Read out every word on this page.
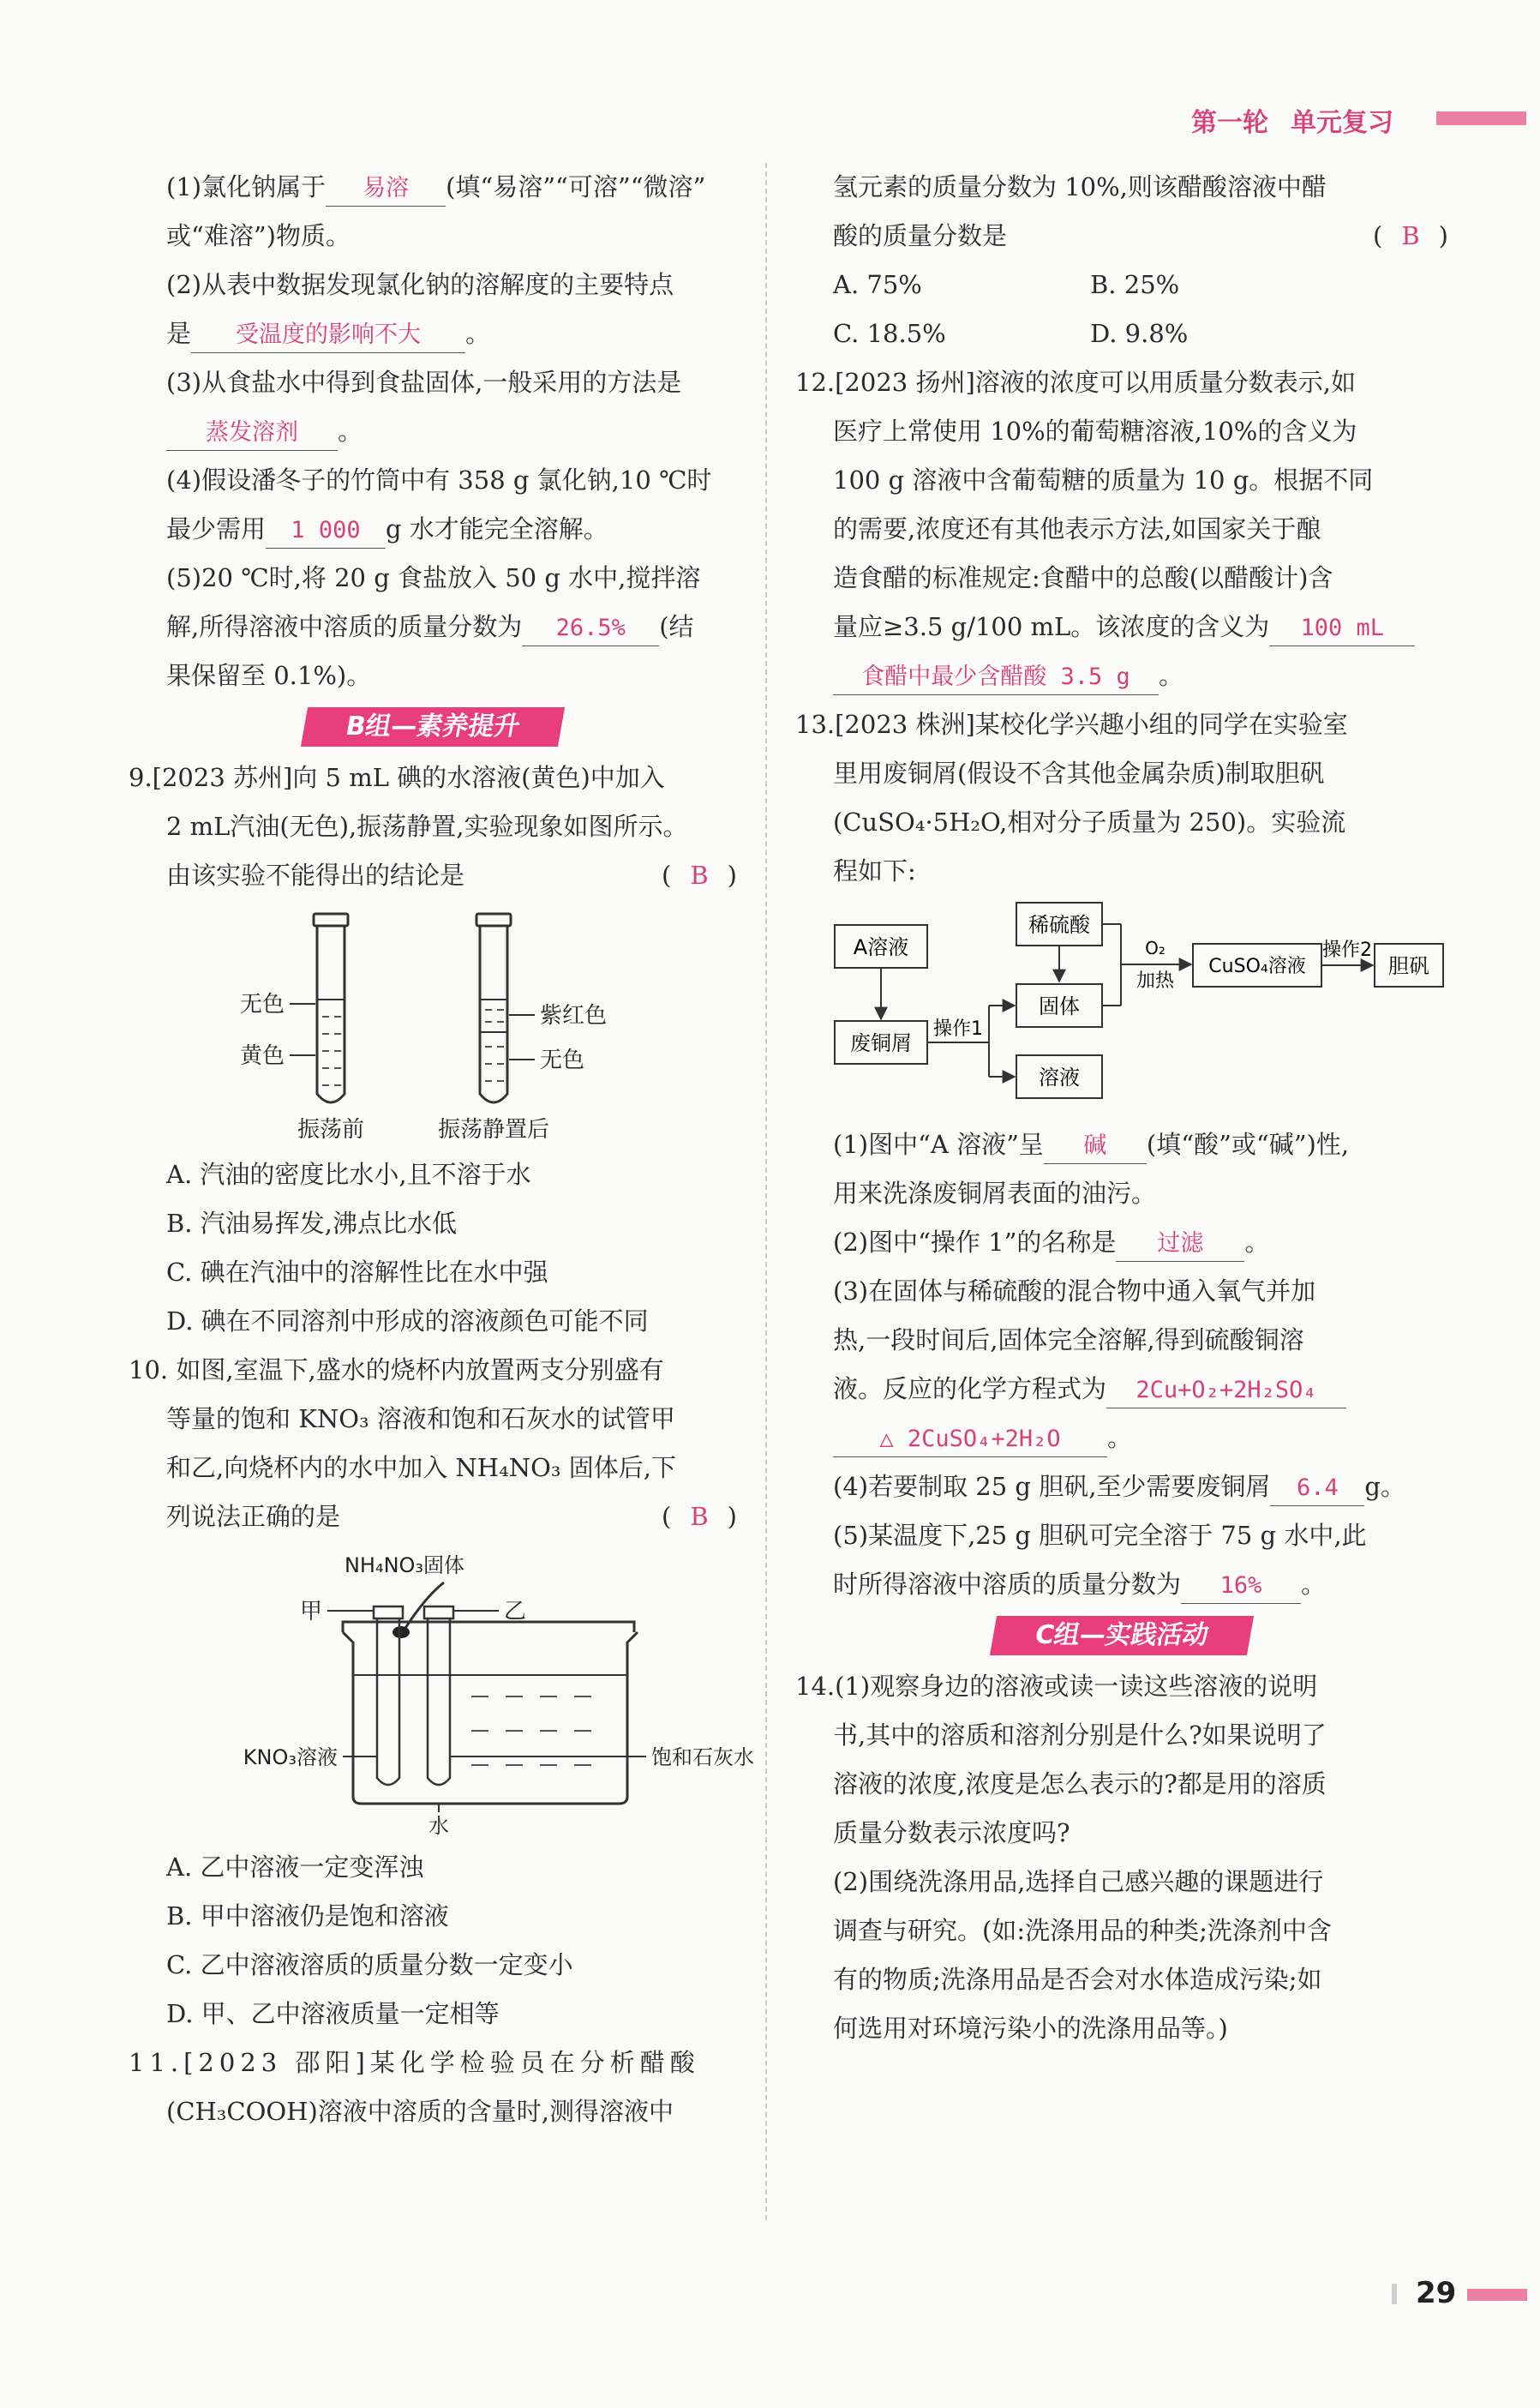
第一轮 单元复习

(1)氯化钠属于 易溶 (填“易溶”“可溶”“微溶”

或“难溶”)物质。

(2)从表中数据发现氯化钠的溶解度的主要特点

是 受温度的影响不大 。

(3)从食盐水中得到食盐固体,一般采用的方法是

蒸发溶剂 。

(4)假设潘冬子的竹筒中有 358 g 氯化钠,10 ℃时

最少需用 1 000 g 水才能完全溶解。

(5)20 ℃时,将 20 g 食盐放入 50 g 水中,搅拌溶

解,所得溶液中溶质的质量分数为 26.5% (结

果保留至 0.1%)。

B组—素养提升

9.[2023 苏州]向 5 mL 碘的水溶液(黄色)中加入

2 mL汽油(无色),振荡静置,实验现象如图所示。

由该实验不能得出的结论是	( B )

无色
黄色
振荡前
紫红色
无色
振荡静置后

A. 汽油的密度比水小,且不溶于水

B. 汽油易挥发,沸点比水低

C. 碘在汽油中的溶解性比在水中强

D. 碘在不同溶剂中形成的溶液颜色可能不同

10. 如图,室温下,盛水的烧杯内放置两支分别盛有

等量的饱和 KNO₃ 溶液和饱和石灰水的试管甲

和乙,向烧杯内的水中加入 NH₄NO₃ 固体后,下

列说法正确的是	( B )

NH₄NO₃固体
甲	乙
KNO₃溶液	饱和石灰水
水

A. 乙中溶液一定变浑浊

B. 甲中溶液仍是饱和溶液

C. 乙中溶液溶质的质量分数一定变小

D. 甲、乙中溶液质量一定相等

11.[2023 邵阳]某化学检验员在分析醋酸

(CH₃COOH)溶液中溶质的含量时,测得溶液中

氢元素的质量分数为 10%,则该醋酸溶液中醋

酸的质量分数是	( B )

A. 75%	B. 25%
C. 18.5%	D. 9.8%

12.[2023 扬州]溶液的浓度可以用质量分数表示,如

医疗上常使用 10%的葡萄糖溶液,10%的含义为

100 g 溶液中含葡萄糖的质量为 10 g。根据不同

的需要,浓度还有其他表示方法,如国家关于酿

造食醋的标准规定:食醋中的总酸(以醋酸计)含

量应≥3.5 g/100 mL。该浓度的含义为 100 mL

食醋中最少含醋酸 3.5 g 。

13.[2023 株洲]某校化学兴趣小组的同学在实验室

里用废铜屑(假设不含其他金属杂质)制取胆矾

(CuSO₄·5H₂O,相对分子质量为 250)。实验流

程如下:

A溶液
废铜屑
操作1
稀硫酸
固体
溶液
O₂
加热
CuSO₄溶液
操作2
胆矾

(1)图中“A 溶液”呈 碱 (填“酸”或“碱”)性,

用来洗涤废铜屑表面的油污。

(2)图中“操作 1”的名称是 过滤 。

(3)在固体与稀硫酸的混合物中通入氧气并加

热,一段时间后,固体完全溶解,得到硫酸铜溶

液。反应的化学方程式为 2Cu+O₂+2H₂SO₄

△ 2CuSO₄+2H₂O 。

(4)若要制取 25 g 胆矾,至少需要废铜屑 6.4 g。

(5)某温度下,25 g 胆矾可完全溶于 75 g 水中,此

时所得溶液中溶质的质量分数为 16% 。

C组—实践活动

14.(1)观察身边的溶液或读一读这些溶液的说明

书,其中的溶质和溶剂分别是什么?如果说明了

溶液的浓度,浓度是怎么表示的?都是用的溶质

质量分数表示浓度吗?

(2)围绕洗涤用品,选择自己感兴趣的课题进行

调查与研究。(如:洗涤用品的种类;洗涤剂中含

有的物质;洗涤用品是否会对水体造成污染;如

何选用对环境污染小的洗涤用品等。)

29
